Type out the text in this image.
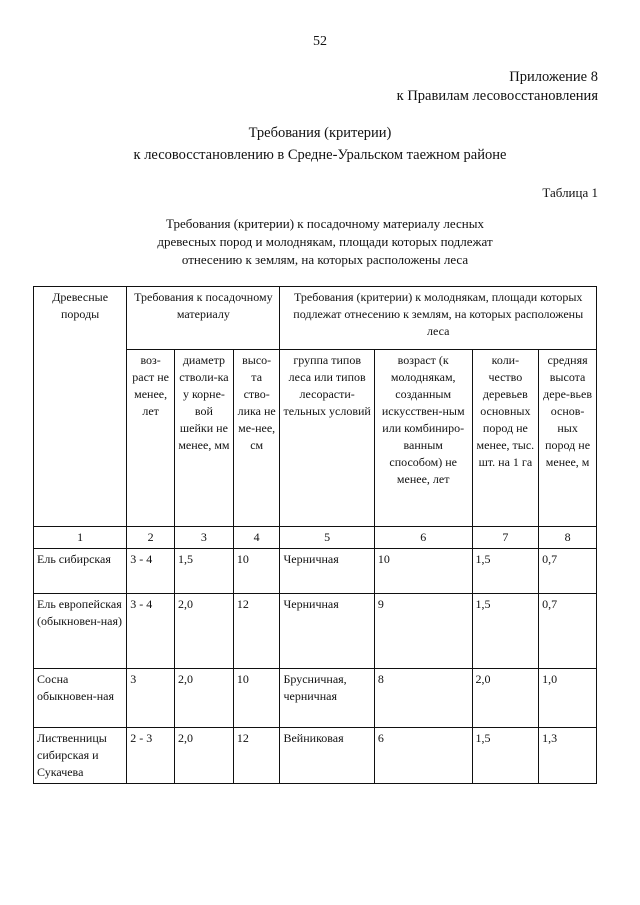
52
Приложение 8
к Правилам лесовосстановления
Требования (критерии)
к лесовосстановлению в Средне-Уральском таежном районе
Таблица 1
Требования (критерии) к посадочному материалу лесных
древесных пород и молоднякам, площади которых подлежат
отнесению к землям, на которых расположены леса
Древесные породы	Требования к посадочному материалу			Требования (критерии) к молоднякам, площади которых подлежат отнесению к землям, на которых расположены леса			
	воз-раст не менее, лет	диаметр стволи-ка у корне-вой шейки не менее, мм	высо-та ство-лика не ме-нее, см	группа типов леса или типов лесорасти-тельных условий	возраст (к молоднякам, созданным искусствен-ным или комбиниро-ванным способом) не менее, лет	коли-чество деревьев основных пород не менее, тыс. шт. на 1 га	средняя высота дере-вьев основ-ных пород не менее, м
1	2	3	4	5	6	7	8
Ель сибирская	3 - 4	1,5	10	Черничная	10	1,5	0,7
Ель европейская (обыкновен-ная)	3 - 4	2,0	12	Черничная	9	1,5	0,7
Сосна обыкновен-ная	3	2,0	10	Брусничная, черничная	8	2,0	1,0
Лиственницы сибирская и Сукачева	2 - 3	2,0	12	Вейниковая	6	1,5	1,3
